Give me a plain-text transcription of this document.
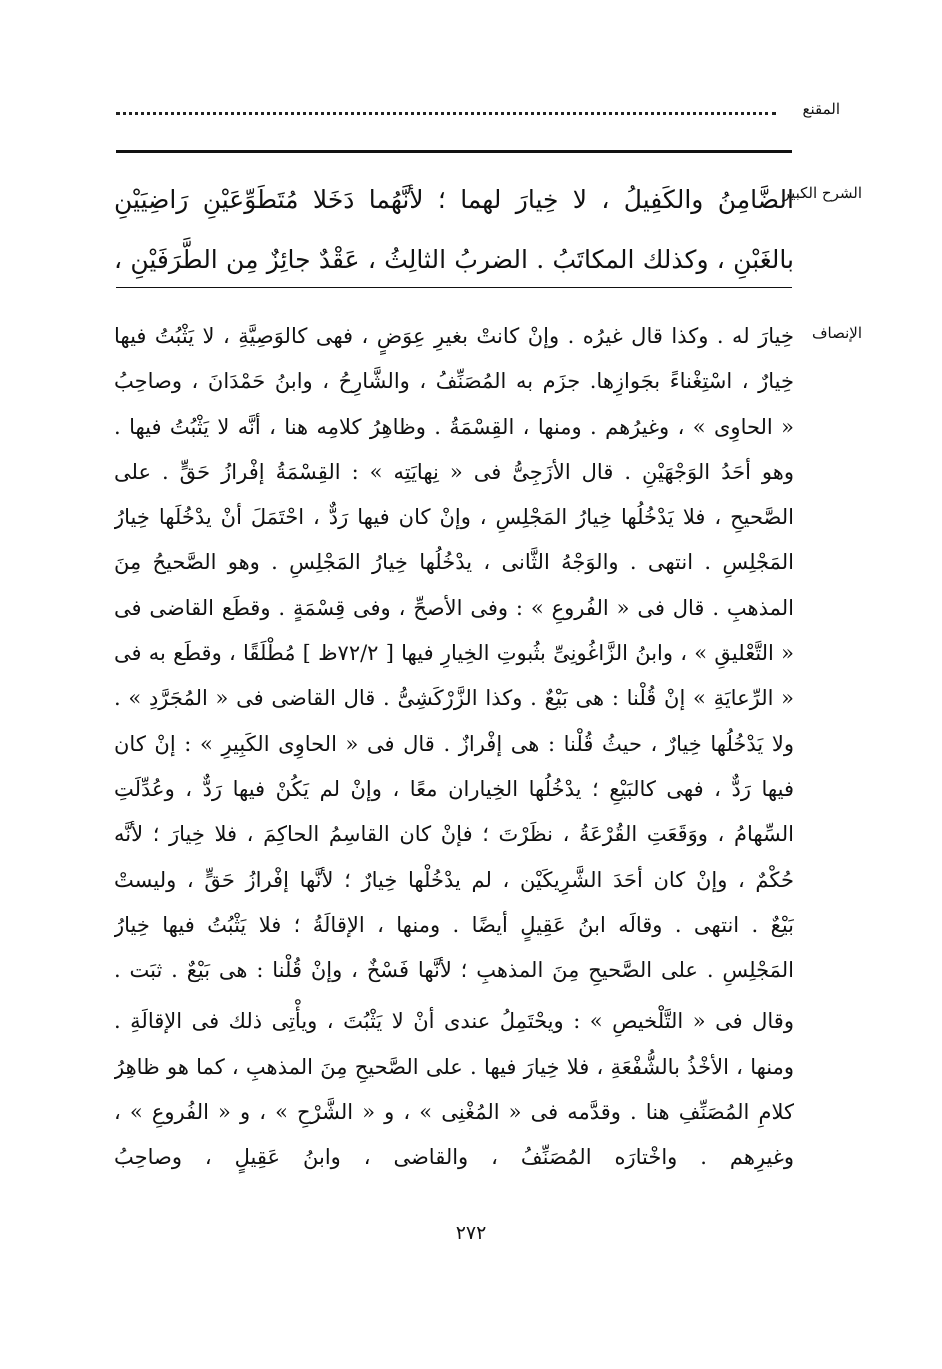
المقنع
الشرح الكبير
الضَّامِنُ والكَفِيلُ ، لا خِيارَ لهما ؛ لأنَّهُما دَخَلا مُتَطَوِّعَيْنِ رَاضِيَيْنِ
بالغَبْنِ ، وكذلك المكاتَبُ . الضربُ الثالِثُ ، عَقْدٌ جائِزٌ مِن الطَّرَفَيْنِ ،
الإنصاف
خِيارَ له . وكذا قال غيرُه . وإنْ كانتْ بغيرِ عِوَضٍ ، فهى كالوَصِيَّةِ ، لا يَثْبُتُ فيها
خِيارٌ ، اسْتِغْناءً بجَوازِها. جزَم به المُصَنِّفُ ، والشَّارِحُ ، وابنُ حَمْدَانَ ، وصاحِبُ
« الحاوِى » ، وغيرُهم . ومنها ، القِسْمَةُ . وظاهِرُ كلامِه هنا ، أنَّه لا يَثْبُتُ فيها .
وهو أحَدُ الوَجْهَيْنِ . قال الأزَجِىُّ فى « نِهايَتِه » : القِسْمَةُ إفْرازُ حَقٍّ . على
الصَّحيحِ ، فلا يَدْخُلُها خِيارُ المَجْلِسِ ، وإنْ كان فيها رَدٌّ ، احْتَمَلَ أنْ يدْخُلَها خِيارُ
المَجْلِسِ . انتهى . والوَجْهُ الثَّانى ، يدْخُلُها خِيارُ المَجْلِسِ . وهو الصَّحيحُ مِنَ
المذهبِ . قال فى « الفُروعِ » : وفى الأصحِّ ، وفى قِسْمَةٍ . وقطَع القاضى فى
« التَّعْليقِ » ، وابنُ الزَّاغُونِىِّ بثُبوتِ الخِيارِ فيها [ ٧٢/٢ظ ] مُطْلَقًا ، وقطَع به فى
« الرِّعايَةِ » إنْ قُلْنا : هى بَيْعٌ . وكذا الزَّرْكَشِىُّ . قال القاضى فى « المُجَرَّدِ » .
ولا يَدْخُلُها خِيارٌ ، حيثُ قُلْنا : هى إفْرازٌ . قال فى « الحاوِى الكَبِيرِ » : إنْ كان
فيها رَدٌّ ، فهى كالبَيْعِ ؛ يدْخُلُها الخِياران معًا ، وإنْ لم يَكُنْ فيها رَدٌّ ، وعُدِّلَتِ
السِّهامُ ، ووَقَعَتِ القُرْعَةُ ، نظَرْتَ ؛ فإنْ كان القاسِمُ الحاكِمَ ، فلا خِيارَ ؛ لأنَّه
حُكْمٌ ، وإنْ كان أحَدَ الشَّرِيكَيْن ، لم يدْخُلْها خِيارٌ ؛ لأنَّها إفْرازُ حَقٍّ ، وليستْ
بَيْعٌ . انتهى . وقالَه ابنُ عَقِيلٍ أيضًا . ومنها ، الإقالَةُ ؛ فلا يَثْبُتُ فيها خِيارُ
المَجْلِسِ . على الصَّحيحِ مِنَ المذهبِ ؛ لأنَّها فَسْخٌ ، وإنْ قُلْنا : هى بَيْعٌ . ثبَت .
وقال فى « التَّلْخيصِ » : ويحْتَمِلُ عندى أنْ لا يَثْبُتَ ، ويأْتِى ذلك فى الإقالَةِ .
ومنها ، الأخْذُ بالشُّفْعَةِ ، فلا خِيارَ فيها . على الصَّحيحِ مِنَ المذهبِ ، كما هو ظاهِرُ
كلامِ المُصَنِّفِ هنا . وقدَّمه فى « المُغْنِى » ، و « الشَّرْحِ » ، و « الفُروعِ » ،
وغيرِهم . واخْتارَه المُصَنِّفُ ، والقاضى ، وابنُ عَقِيلٍ ، وصاحِبُ
٢٧٢
